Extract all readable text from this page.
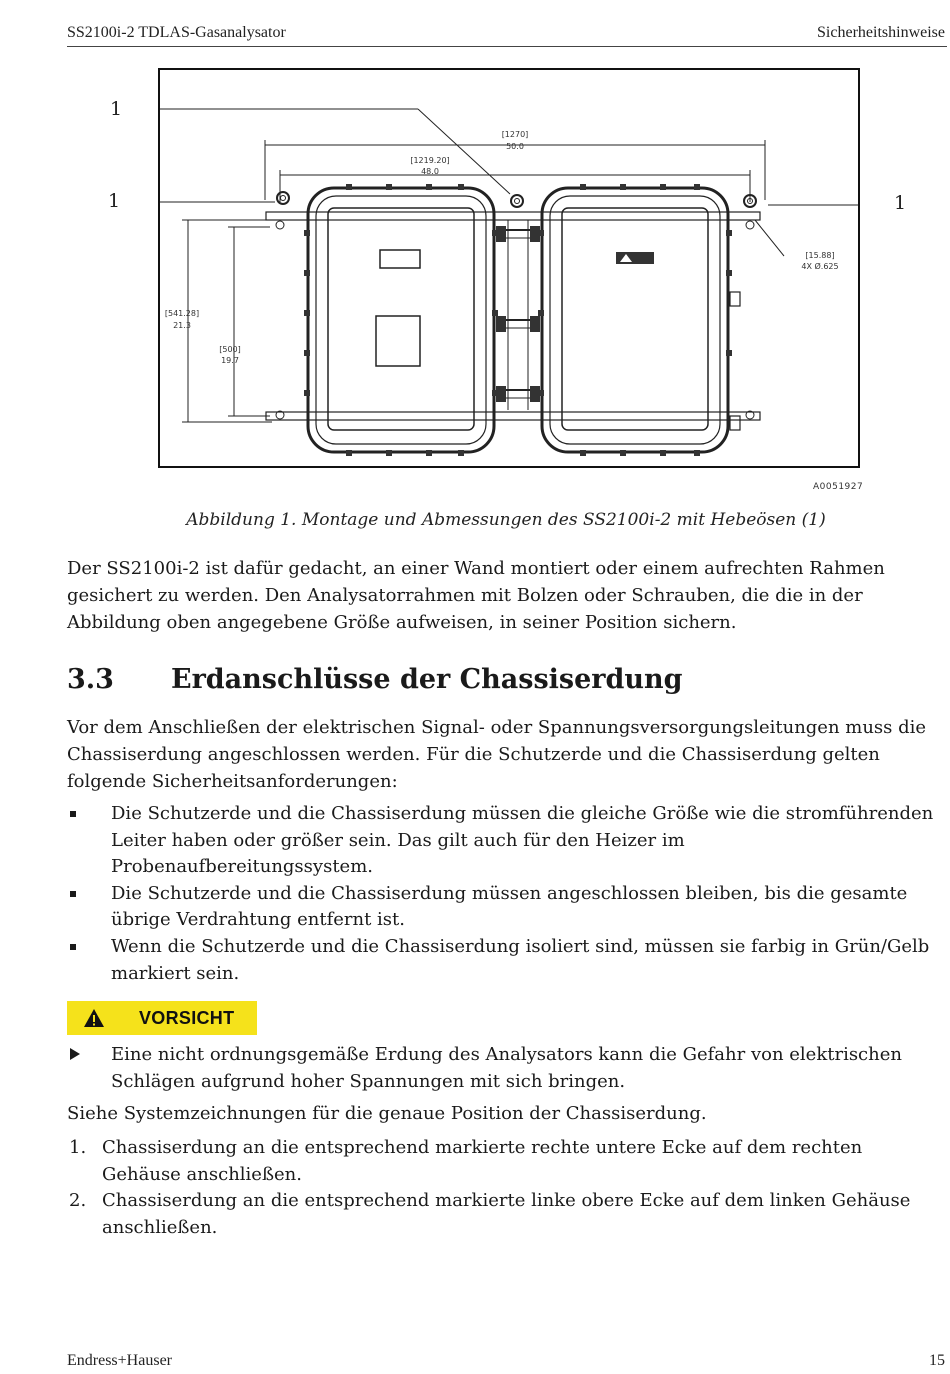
SS2100i-2 TDLAS-Gasanalysator	Sicherheitshinweise
1
1	1
[1270]
50.0
[1219.20]
48.0
[541.28]
21.3
[500]
19.7
[15.88]
4X Ø.625
A0051927
Abbildung 1. Montage und Abmessungen des SS2100i-2 mit Hebeösen (1)

Der SS2100i-2 ist dafür gedacht, an einer Wand montiert oder einem aufrechten Rahmen gesichert zu werden. Den Analysatorrahmen mit Bolzen oder Schrauben, die die in der Abbildung oben angegebene Größe aufweisen, in seiner Position sichern.

3.3 Erdanschlüsse der Chassiserdung

Vor dem Anschließen der elektrischen Signal- oder Spannungsversorgungsleitungen muss die Chassiserdung angeschlossen werden. Für die Schutzerde und die Chassiserdung gelten folgende Sicherheitsanforderungen:

Die Schutzerde und die Chassiserdung müssen die gleiche Größe wie die stromführenden Leiter haben oder größer sein. Das gilt auch für den Heizer im Probenaufbereitungssystem.
Die Schutzerde und die Chassiserdung müssen angeschlossen bleiben, bis die gesamte übrige Verdrahtung entfernt ist.
Wenn die Schutzerde und die Chassiserdung isoliert sind, müssen sie farbig in Grün/Gelb markiert sein.
VORSICHT
Eine nicht ordnungsgemäße Erdung des Analysators kann die Gefahr von elektrischen Schlägen aufgrund hoher Spannungen mit sich bringen.

Siehe Systemzeichnungen für die genaue Position der Chassiserdung.

1. Chassiserdung an die entsprechend markierte rechte untere Ecke auf dem rechten Gehäuse anschließen.
2. Chassiserdung an die entsprechend markierte linke obere Ecke auf dem linken Gehäuse anschließen.
Endress+Hauser	15
